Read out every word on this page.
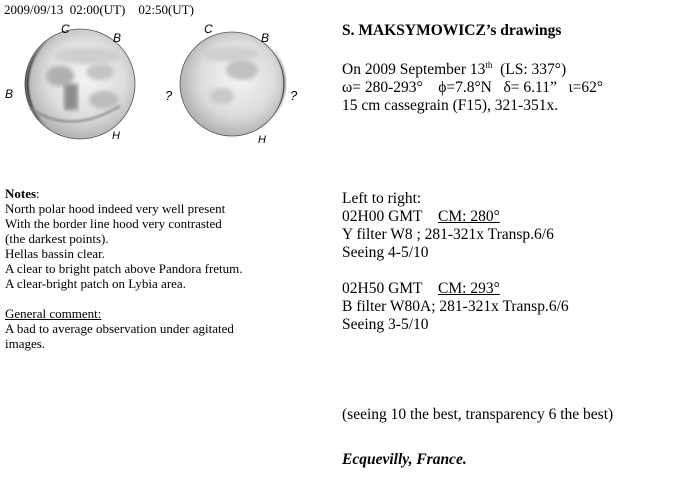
2009/09/13 02:00(UT) 02:50(UT)
C
B
B
H
C
B
?	?
H

Notes:

North polar hood indeed very well present

With the border line hood very contrasted

(the darkest points).

Hellas bassin clear.

A clear to bright patch above Pandora fretum.

A clear-bright patch on Lybia area.

General comment:

A bad to average observation under agitated

images.

S. MAKSYMOWICZ’s drawings

On 2009 September 13th (LS: 337°)

ω= 280-293° ϕ=7.8°N δ= 6.11” ι=62°

15 cm cassegrain (F15), 321-351x.

Left to right:

02H00 GMT CM: 280°

Y filter W8 ; 281-321x Transp.6/6

Seeing 4-5/10

02H50 GMT CM: 293°

B filter W80A; 281-321x Transp.6/6

Seeing 3-5/10

(seeing 10 the best, transparency 6 the best)
Ecquevilly, France.
